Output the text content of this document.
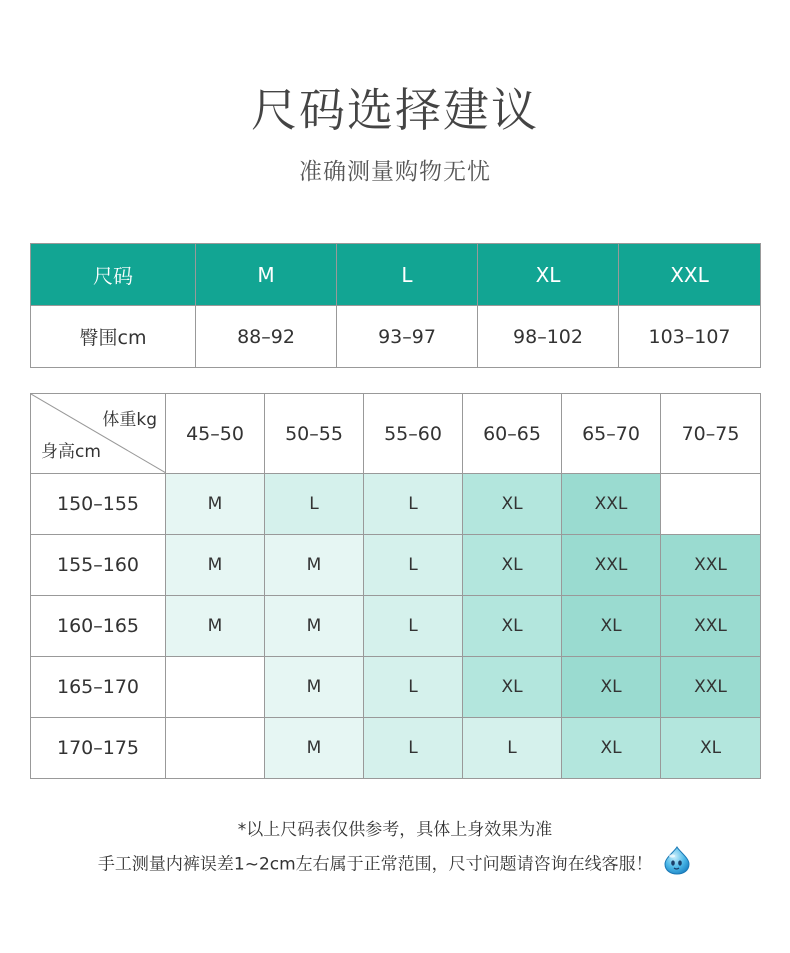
尺码选择建议
准确测量购物无忧
尺码	M	L	XL	XXL
臀围cm	88–92	93–97	98–102	103–107
体重kg
身高cm	45–50	50–55	55–60	60–65	65–70	70–75
150–155	M	L	L	XL	XXL	
155–160	M	M	L	XL	XXL	XXL
160–165	M	M	L	XL	XL	XXL
165–170		M	L	XL	XL	XXL
170–175		M	L	L	XL	XL
*以上尺码表仅供参考，具体上身效果为准
手工测量内裤误差1~2cm左右属于正常范围，尺寸问题请咨询在线客服！
